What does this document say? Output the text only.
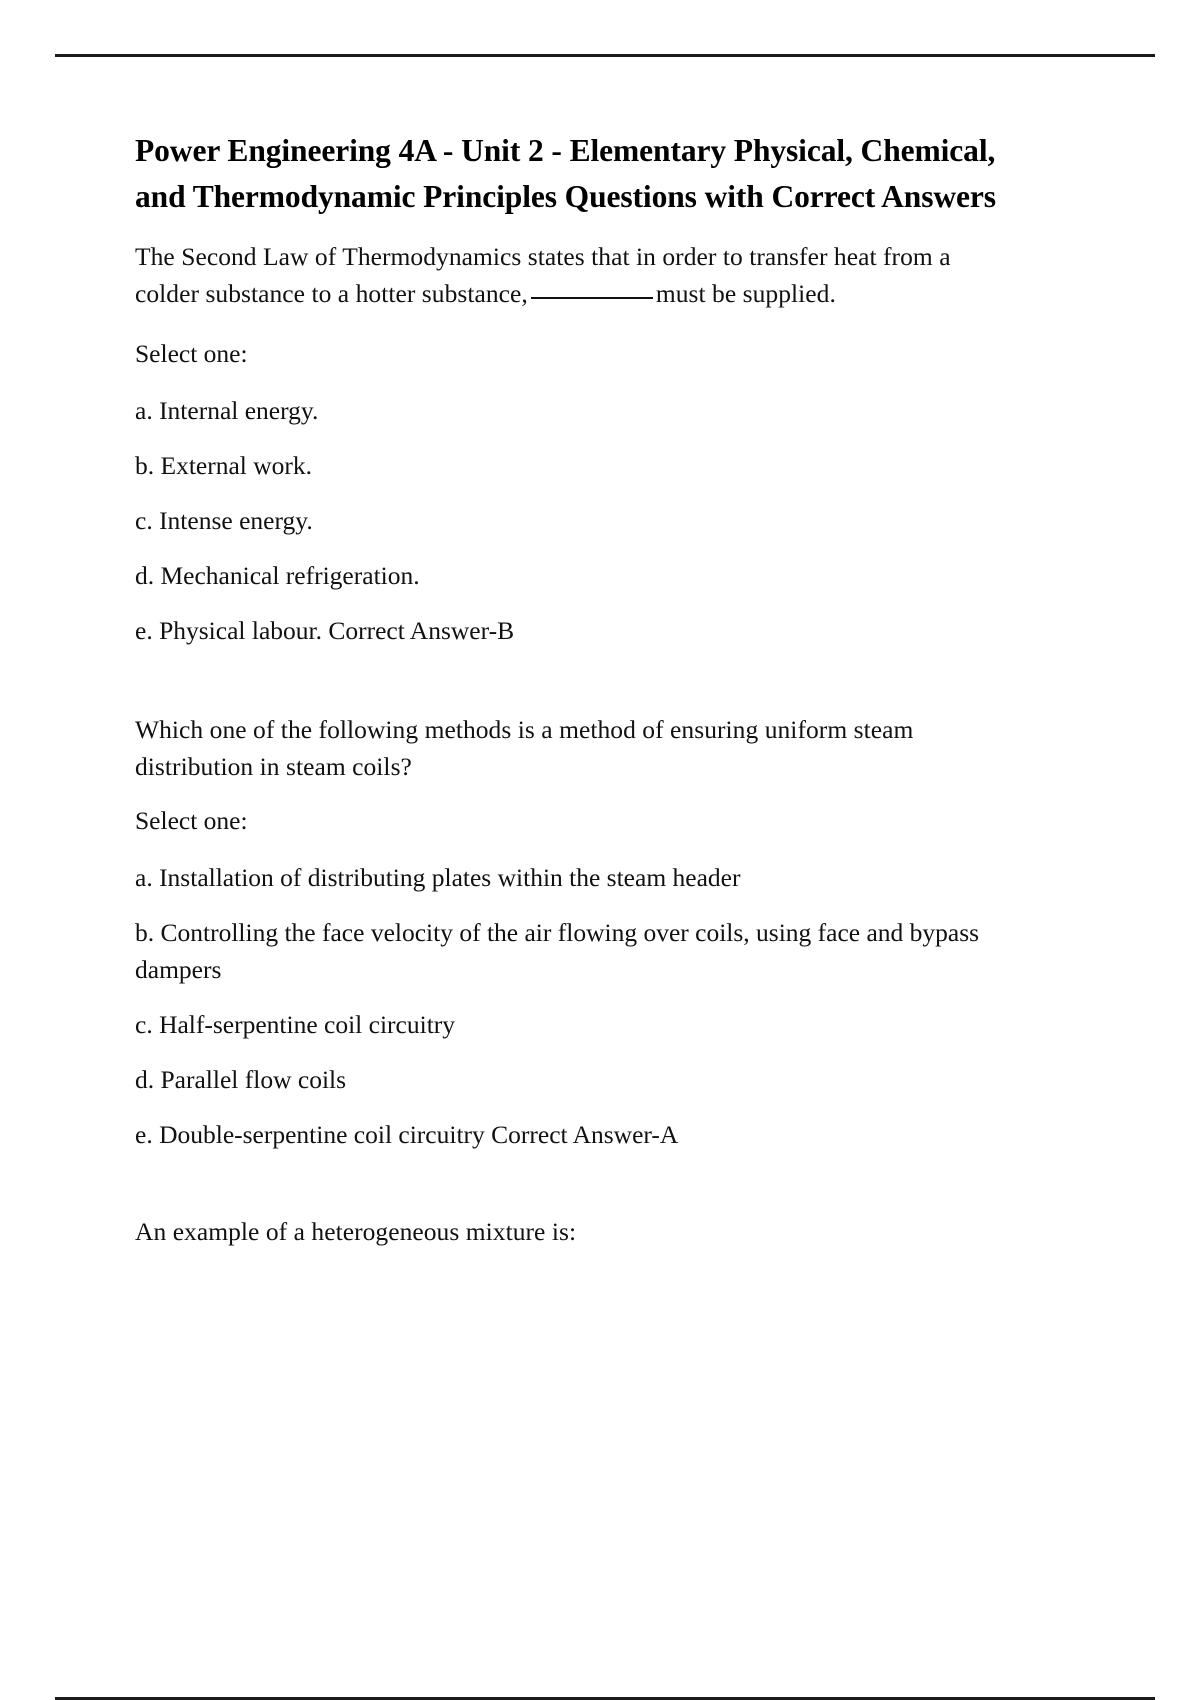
Power Engineering 4A - Unit 2 - Elementary Physical, Chemical, and Thermodynamic Principles Questions with Correct Answers

The Second Law of Thermodynamics states that in order to transfer heat from a colder substance to a hotter substance,	must be supplied.

Select one:

a. Internal energy.

b. External work.

c. Intense energy.

d. Mechanical refrigeration.

e. Physical labour. Correct Answer-B

Which one of the following methods is a method of ensuring uniform steam distribution in steam coils?

Select one:

a. Installation of distributing plates within the steam header

b. Controlling the face velocity of the air flowing over coils, using face and bypass dampers

c. Half-serpentine coil circuitry

d. Parallel flow coils

e. Double-serpentine coil circuitry Correct Answer-A

An example of a heterogeneous mixture is:
